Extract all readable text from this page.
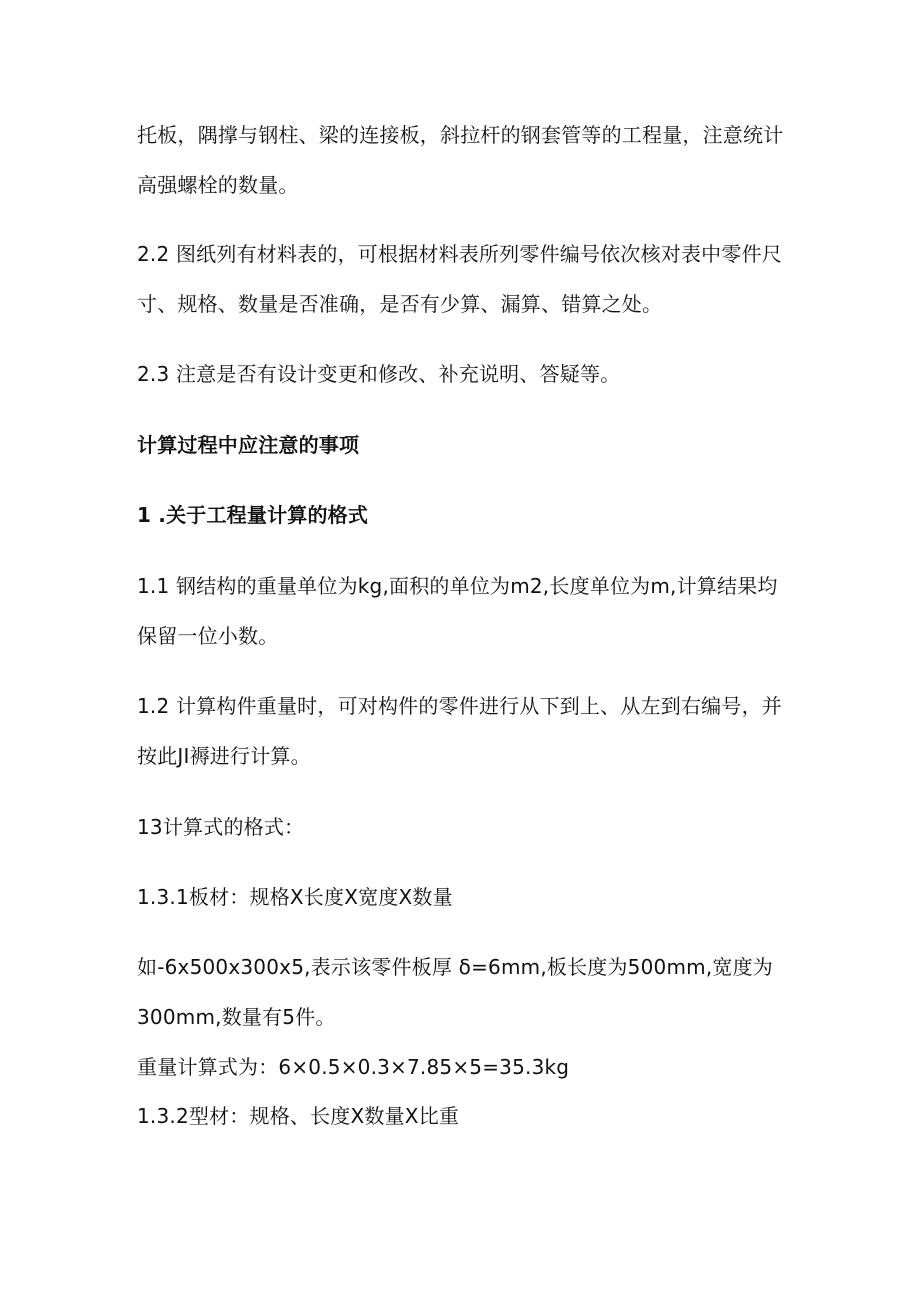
托板，隅撑与钢柱、梁的连接板，斜拉杆的钢套管等的工程量，注意统计
高强螺栓的数量。
2.2 图纸列有材料表的，可根据材料表所列零件编号依次核对表中零件尺
寸、规格、数量是否准确，是否有少算、漏算、错算之处。
2.3 注意是否有设计变更和修改、补充说明、答疑等。
计算过程中应注意的事项
1 .关于工程量计算的格式
1.1 钢结构的重量单位为kg,面积的单位为m2,长度单位为m,计算结果均
保留一位小数。
1.2 计算构件重量时，可对构件的零件进行从下到上、从左到右编号，并
按此JI褥进行计算。
13计算式的格式：
1.3.1板材：规格X长度X宽度X数量
如-6x500x300x5,表示该零件板厚 δ=6mm,板长度为500mm,宽度为
300mm,数量有5件。
重量计算式为：6×0.5×0.3×7.85×5=35.3kg
1.3.2型材：规格、长度X数量X比重
